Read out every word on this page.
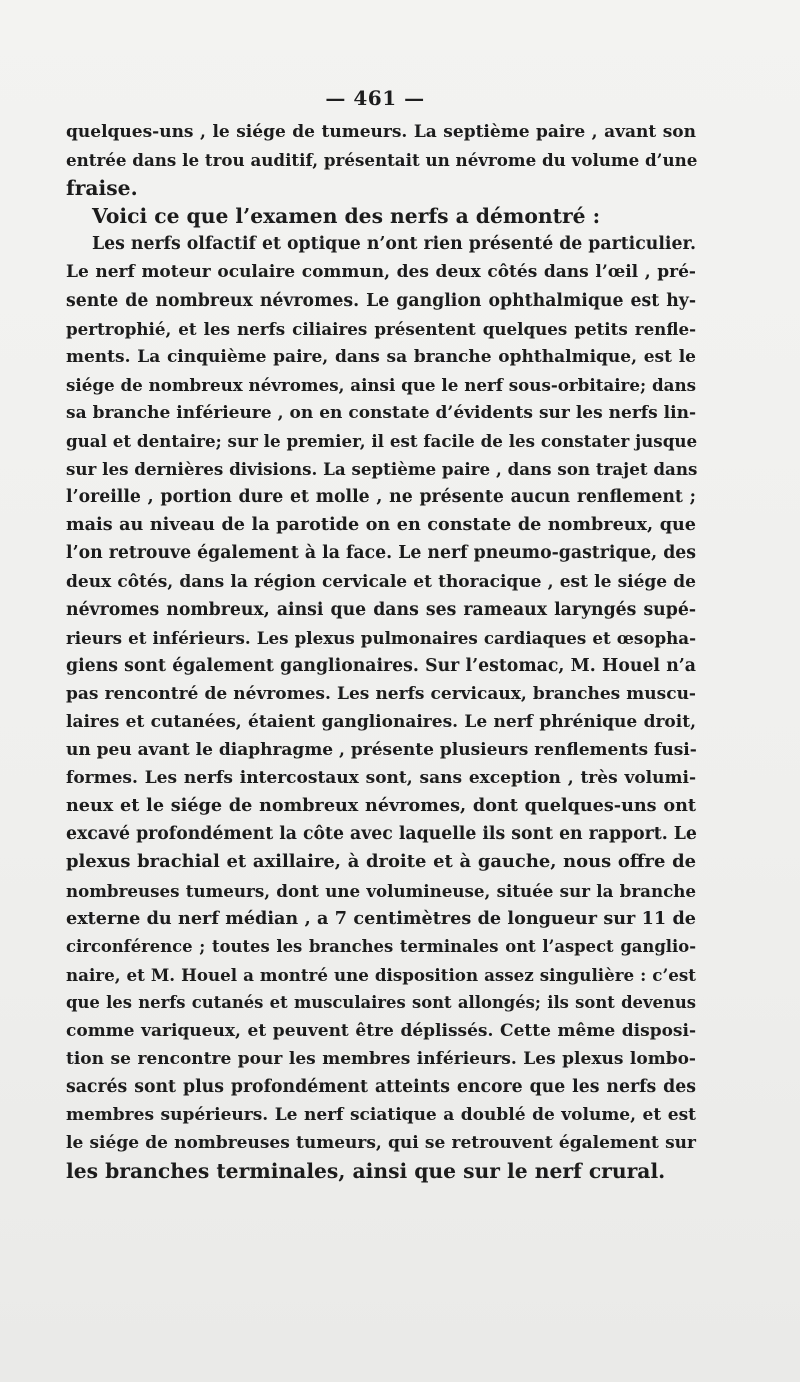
— 461 —
quelques-uns , le siége de tumeurs. La septième paire , avant son
entrée dans le trou auditif, présentait un névrome du volume d’une
fraise.
Voici ce que l’examen des nerfs a démontré :
Les nerfs olfactif et optique n’ont rien présenté de particulier.
Le nerf moteur oculaire commun, des deux côtés dans l’œil , pré-
sente de nombreux névromes. Le ganglion ophthalmique est hy-
pertrophié, et les nerfs ciliaires présentent quelques petits renfle-
ments. La cinquième paire, dans sa branche ophthalmique, est le
siége de nombreux névromes, ainsi que le nerf sous-orbitaire; dans
sa branche inférieure , on en constate d’évidents sur les nerfs lin-
gual et dentaire; sur le premier, il est facile de les constater jusque
sur les dernières divisions. La septième paire , dans son trajet dans
l’oreille , portion dure et molle , ne présente aucun renflement ;
mais au niveau de la parotide on en constate de nombreux, que
l’on retrouve également à la face. Le nerf pneumo-gastrique, des
deux côtés, dans la région cervicale et thoracique , est le siége de
névromes nombreux, ainsi que dans ses rameaux laryngés supé-
rieurs et inférieurs. Les plexus pulmonaires cardiaques et œsopha-
giens sont également ganglionaires. Sur l’estomac, M. Houel n’a
pas rencontré de névromes. Les nerfs cervicaux, branches muscu-
laires et cutanées, étaient ganglionaires. Le nerf phrénique droit,
un peu avant le diaphragme , présente plusieurs renflements fusi-
formes. Les nerfs intercostaux sont, sans exception , très volumi-
neux et le siége de nombreux névromes, dont quelques-uns ont
excavé profondément la côte avec laquelle ils sont en rapport. Le
plexus brachial et axillaire, à droite et à gauche, nous offre de
nombreuses tumeurs, dont une volumineuse, située sur la branche
externe du nerf médian , a 7 centimètres de longueur sur 11 de
circonférence ; toutes les branches terminales ont l’aspect ganglio-
naire, et M. Houel a montré une disposition assez singulière : c’est
que les nerfs cutanés et musculaires sont allongés; ils sont devenus
comme variqueux, et peuvent être déplissés. Cette même disposi-
tion se rencontre pour les membres inférieurs. Les plexus lombo-
sacrés sont plus profondément atteints encore que les nerfs des
membres supérieurs. Le nerf sciatique a doublé de volume, et est
le siége de nombreuses tumeurs, qui se retrouvent également sur
les branches terminales, ainsi que sur le nerf crural.
